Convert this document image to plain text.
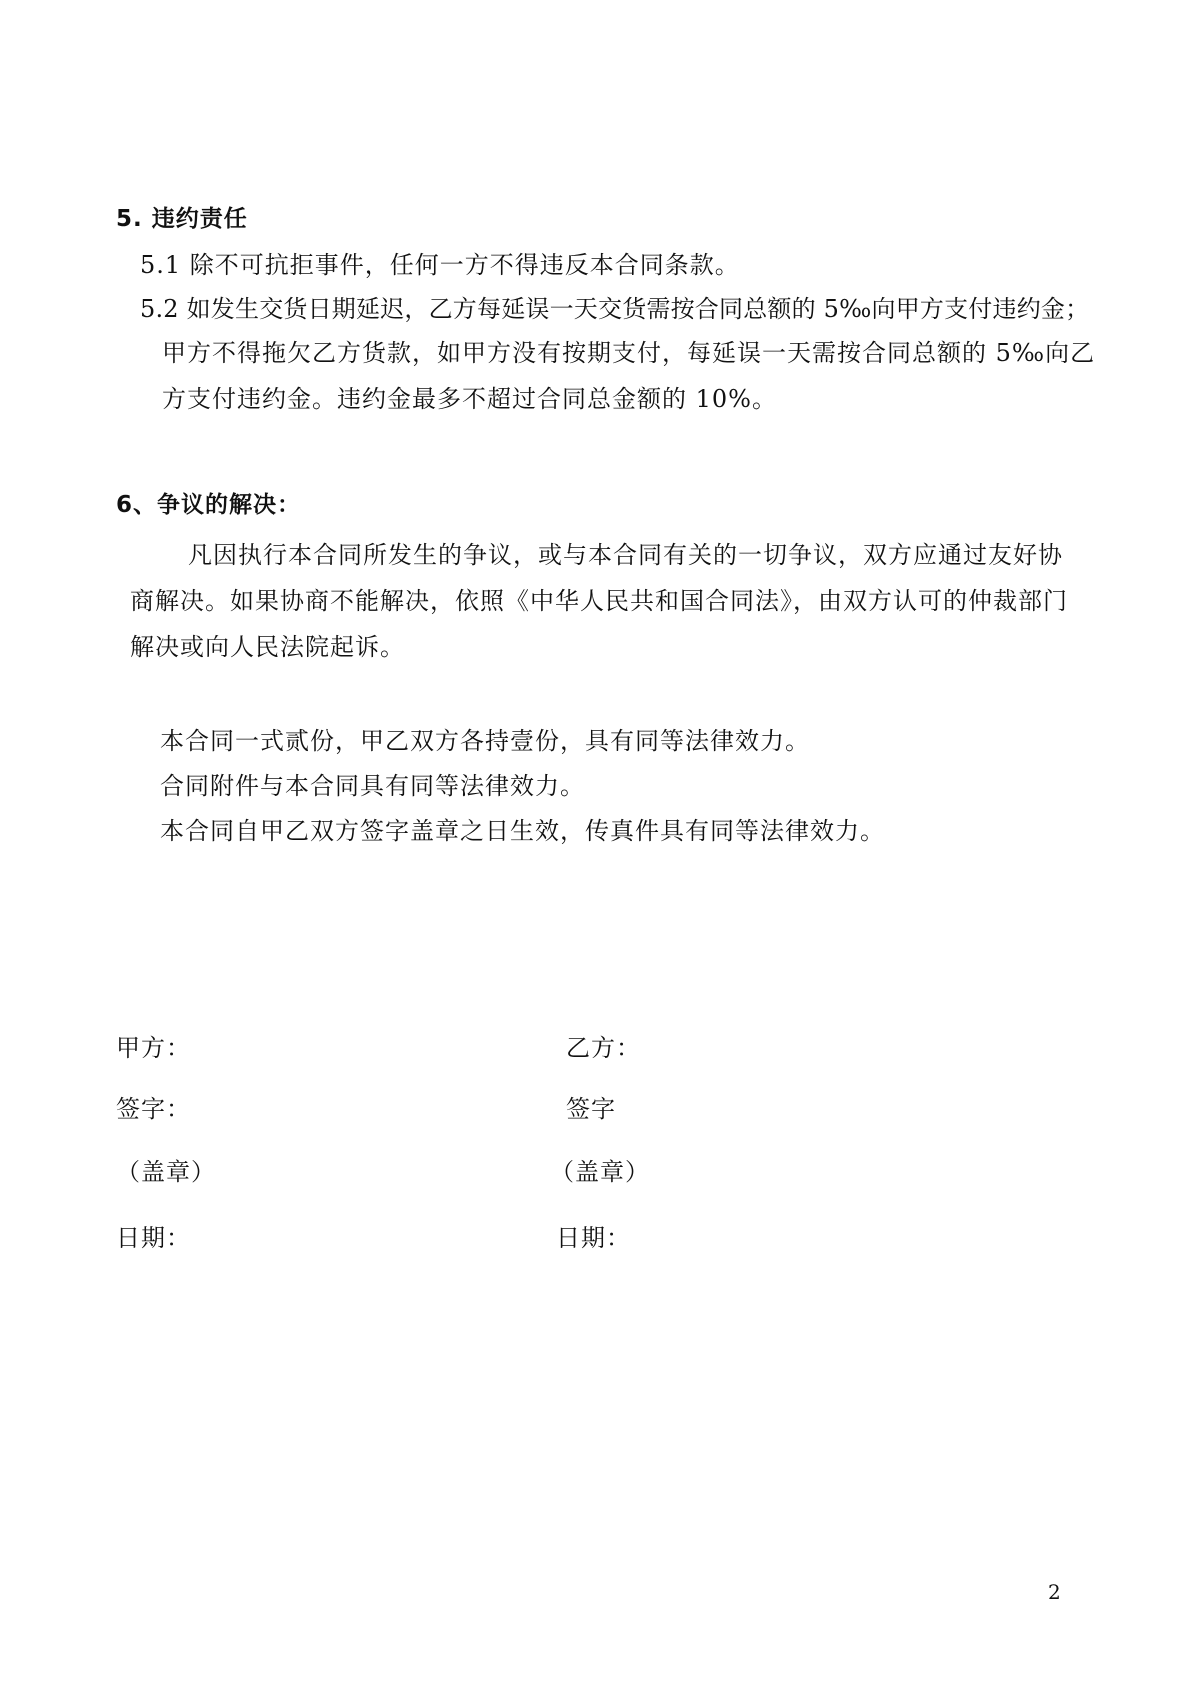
5. 违约责任
5.1 除不可抗拒事件，任何一方不得违反本合同条款。
5.2 如发生交货日期延迟，乙方每延误一天交货需按合同总额的 5‰向甲方支付违约金；
甲方不得拖欠乙方货款，如甲方没有按期支付，每延误一天需按合同总额的 5‰向乙
方支付违约金。违约金最多不超过合同总金额的 10%。
6、争议的解决：
凡因执行本合同所发生的争议，或与本合同有关的一切争议，双方应通过友好协
商解决。如果协商不能解决，依照《中华人民共和国合同法》，由双方认可的仲裁部门
解决或向人民法院起诉。
本合同一式贰份，甲乙双方各持壹份，具有同等法律效力。
合同附件与本合同具有同等法律效力。
本合同自甲乙双方签字盖章之日生效，传真件具有同等法律效力。
甲方：	乙方：
签字：	签字
（盖章）	（盖章）
日期：	日期：
2
